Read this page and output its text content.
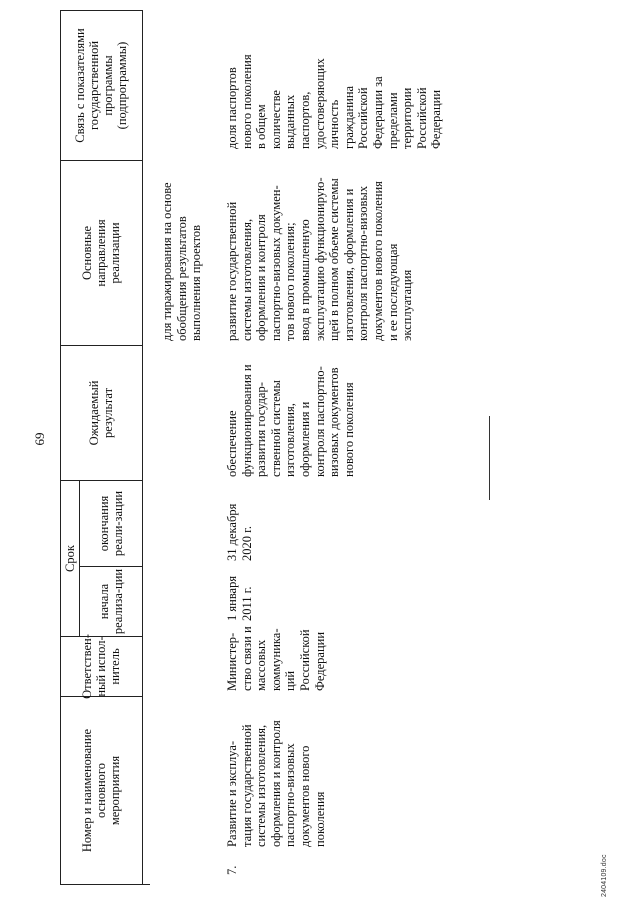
69
Номер и наименование основного мероприятия
Ответствен-ный испол-нитель
Срок
начала реализа-ции
окончания реали-зации
Ожидаемый результат
Основные направления реализации
Связь с показателями государственной программы (подпрограммы)
для тиражирования на основе
обобщения результатов
выполнения проектов
7.
Развитие и эксплуа-
тация государственной
системы изготовления,
оформления и контроля
паспортно-визовых
документов нового
поколения
Министер-
ство связи и
массовых
коммуника-
ций
Российской
Федерации
1 января
2011 г.
31 декабря
2020 г.
обеспечение
функционирования и
развития государ-
ственной системы
изготовления,
оформления и
контроля паспортно-
визовых документов
нового поколения
развитие государственной
системы изготовления,
оформления и контроля
паспортно-визовых докумен-
тов нового поколения;
ввод в промышленную
эксплуатацию функционирую-
щей в полном объеме системы
изготовления, оформления и
контроля паспортно-визовых
документов нового поколения
и ее последующая
эксплуатация
доля паспортов
нового поколения
в общем
количестве
выданных
паспортов,
удостоверяющих
личность
гражданина
Российской
Федерации за
пределами
территории
Российской
Федерации
2404109.doc
